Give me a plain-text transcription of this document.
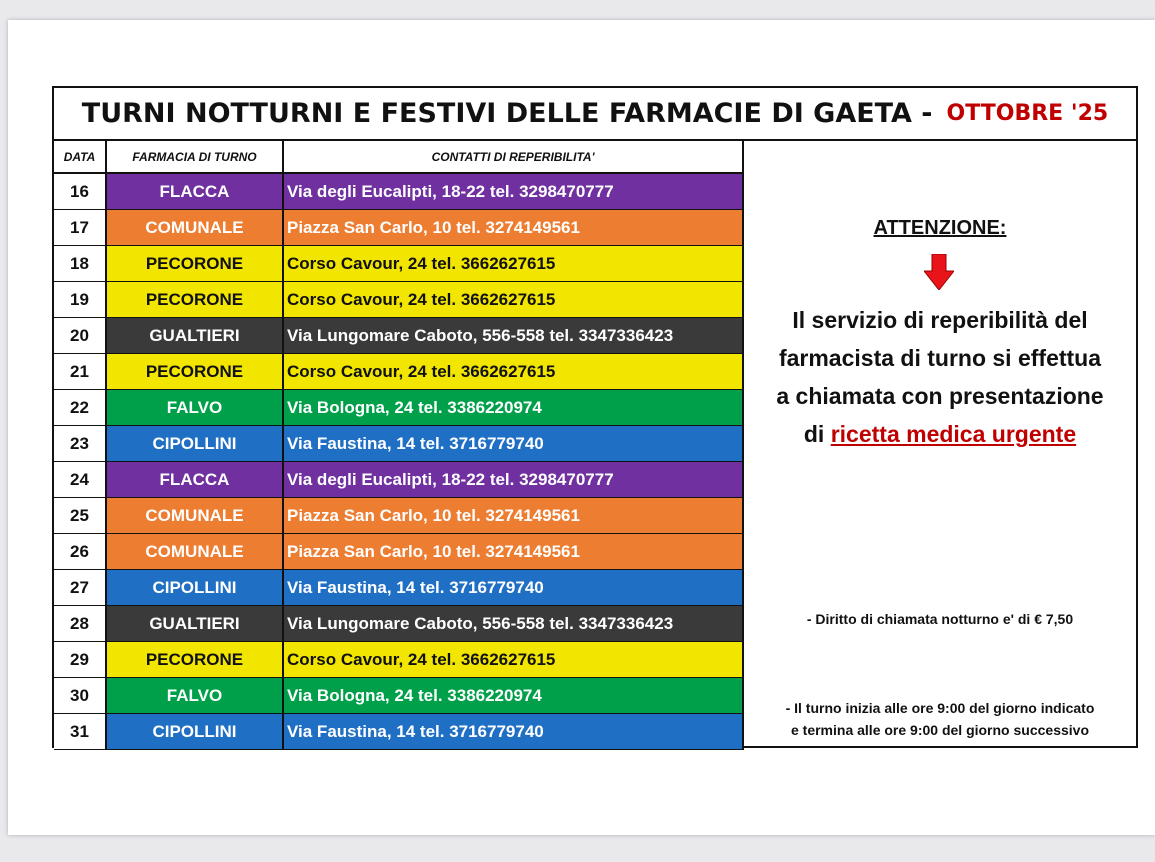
TURNI NOTTURNI E FESTIVI DELLE FARMACIE DI GAETA - OTTOBRE '25
DATA	FARMACIA DI TURNO	CONTATTI DI REPERIBILITA'
16	FLACCA	Via degli Eucalipti, 18-22 tel. 3298470777
17	COMUNALE	Piazza San Carlo, 10 tel. 3274149561
18	PECORONE	Corso Cavour, 24 tel. 3662627615
19	PECORONE	Corso Cavour, 24 tel. 3662627615
20	GUALTIERI	Via Lungomare Caboto, 556-558 tel. 3347336423
21	PECORONE	Corso Cavour, 24 tel. 3662627615
22	FALVO	Via Bologna, 24 tel. 3386220974
23	CIPOLLINI	Via Faustina, 14 tel. 3716779740
24	FLACCA	Via degli Eucalipti, 18-22 tel. 3298470777
25	COMUNALE	Piazza San Carlo, 10 tel. 3274149561
26	COMUNALE	Piazza San Carlo, 10 tel. 3274149561
27	CIPOLLINI	Via Faustina, 14 tel. 3716779740
28	GUALTIERI	Via Lungomare Caboto, 556-558 tel. 3347336423
29	PECORONE	Corso Cavour, 24 tel. 3662627615
30	FALVO	Via Bologna, 24 tel. 3386220974
31	CIPOLLINI	Via Faustina, 14 tel. 3716779740
ATTENZIONE:
Il servizio di reperibilità del
farmacista di turno si effettua
a chiamata con presentazione
di ricetta medica urgente
- Diritto di chiamata notturno e' di € 7,50
- Il turno inizia alle ore 9:00 del giorno indicato
e termina alle ore 9:00 del giorno successivo
